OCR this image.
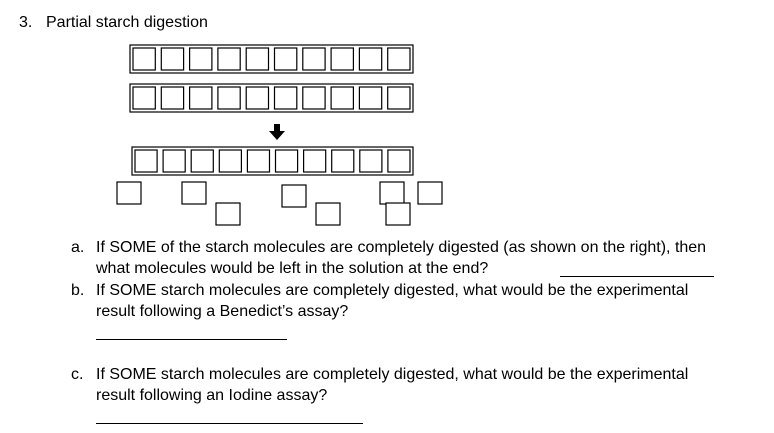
3. Partial starch digestion
a. If SOME of the starch molecules are completely digested (as shown on the right), then
what molecules would be left in the solution at the end?
b. If SOME starch molecules are completely digested, what would be the experimental
result following a Benedict’s assay?
c. If SOME starch molecules are completely digested, what would be the experimental
result following an Iodine assay?
